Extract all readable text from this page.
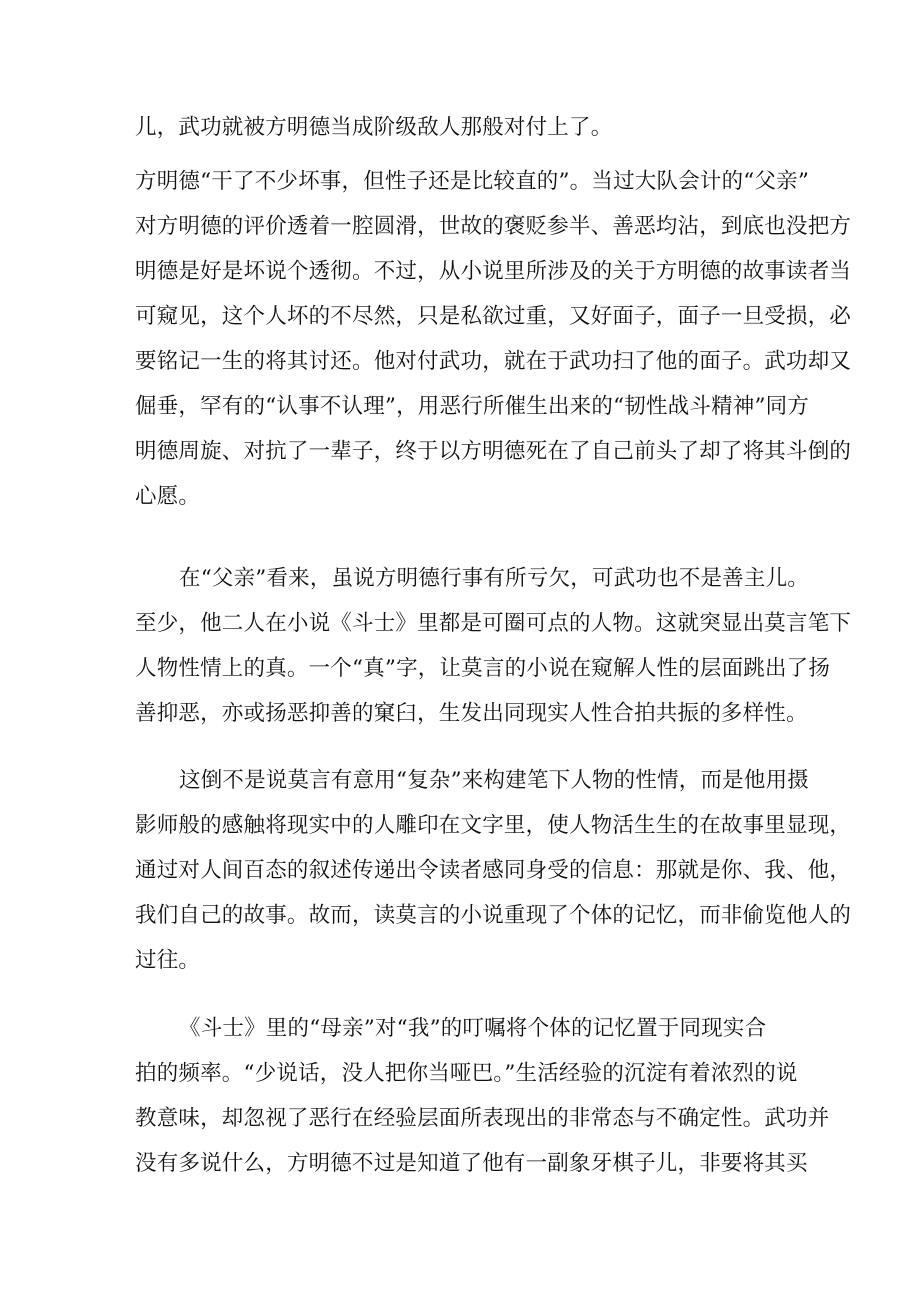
儿，武功就被方明德当成阶级敌人那般对付上了。
方明德“干了不少坏事，但性子还是比较直的”。当过大队会计的“父亲”
对方明德的评价透着一腔圆滑，世故的褒贬参半、善恶均沾，到底也没把方
明德是好是坏说个透彻。不过，从小说里所涉及的关于方明德的故事读者当
可窥见，这个人坏的不尽然，只是私欲过重，又好面子，面子一旦受损，必
要铭记一生的将其讨还。他对付武功，就在于武功扫了他的面子。武功却又
倔垂，罕有的“认事不认理”，用恶行所催生出来的“韧性战斗精神”同方
明德周旋、对抗了一辈子，终于以方明德死在了自己前头了却了将其斗倒的
心愿。
在“父亲”看来，虽说方明德行事有所亏欠，可武功也不是善主儿。
至少，他二人在小说《斗士》里都是可圈可点的人物。这就突显出莫言笔下
人物性情上的真。一个“真”字，让莫言的小说在窥解人性的层面跳出了扬
善抑恶，亦或扬恶抑善的窠臼，生发出同现实人性合拍共振的多样性。
这倒不是说莫言有意用“复杂”来构建笔下人物的性情，而是他用摄
影师般的感触将现实中的人雕印在文字里，使人物活生生的在故事里显现，
通过对人间百态的叙述传递出令读者感同身受的信息：那就是你、我、他，
我们自己的故事。故而，读莫言的小说重现了个体的记忆，而非偷览他人的
过往。
《斗士》里的“母亲”对“我”的叮嘱将个体的记忆置于同现实合
拍的频率。“少说话，没人把你当哑巴。”生活经验的沉淀有着浓烈的说
教意味，却忽视了恶行在经验层面所表现出的非常态与不确定性。武功并
没有多说什么，方明德不过是知道了他有一副象牙棋子儿，非要将其买
